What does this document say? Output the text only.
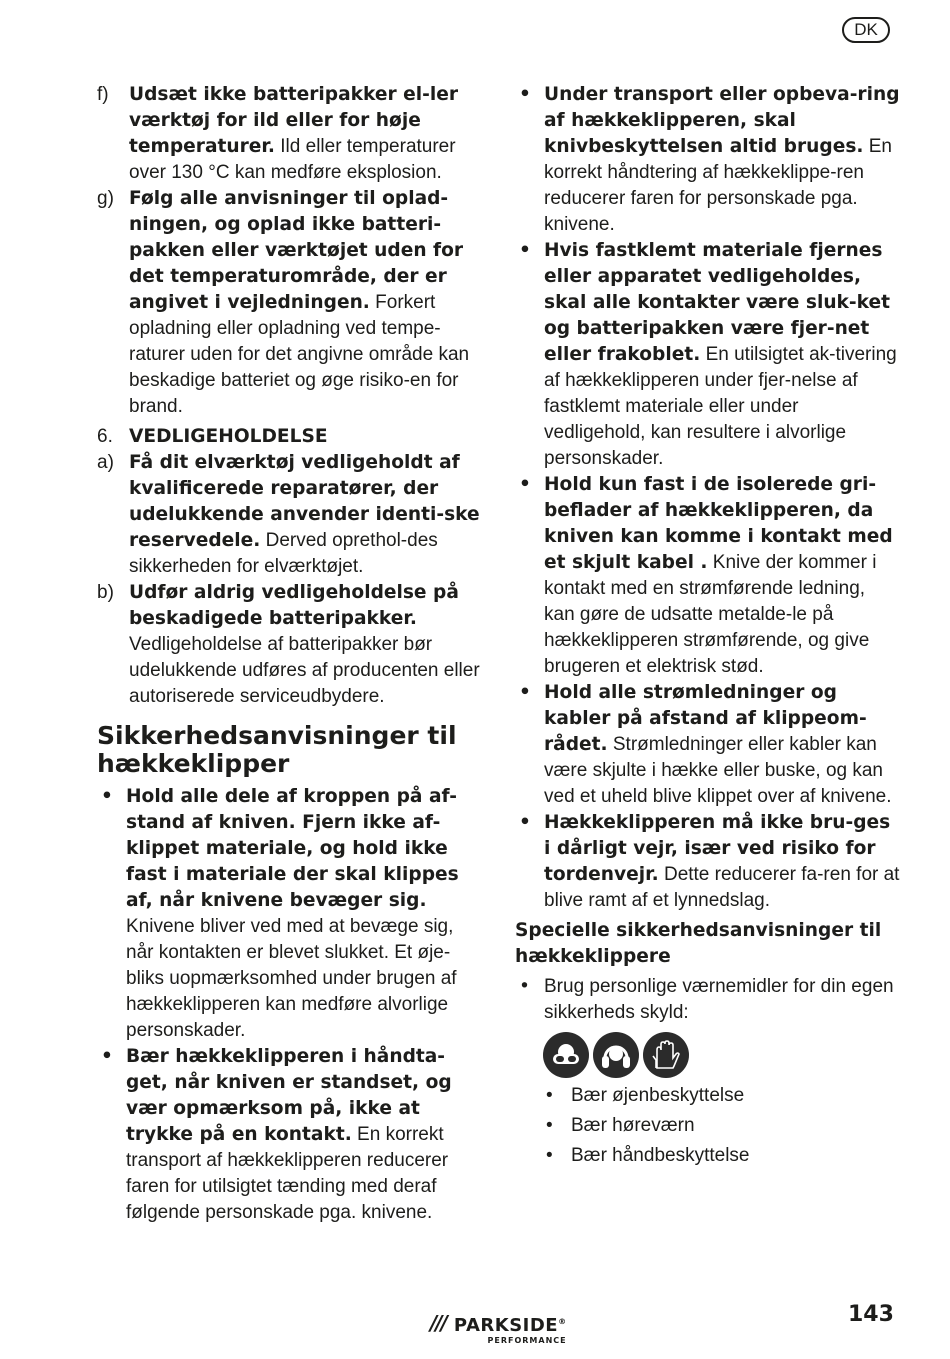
DK

f) Udsæt ikke batteripakker el-ler værktøj for ild eller for høje temperaturer. Ild eller temperaturer over 130 °C kan medføre eksplosion.

g) Følg alle anvisninger til oplad-ningen, og oplad ikke batteri-pakken eller værktøjet uden for det temperaturområde, der er angivet i vejledningen. Forkert opladning eller opladning ved tempe-raturer uden for det angivne område kan beskadige batteriet og øge risiko-en for brand.

6. VEDLIGEHOLDELSE

a) Få dit elværktøj vedligeholdt af kvalificerede reparatører, der udelukkende anvender identi-ske reservedele. Derved oprethol-des sikkerheden for elværktøjet.

b) Udfør aldrig vedligeholdelse på beskadigede batteripakker. Vedligeholdelse af batteripakker bør udelukkende udføres af producenten eller autoriserede serviceudbydere.

Sikkerhedsanvisninger til hækkeklipper

• Hold alle dele af kroppen på af-stand af kniven. Fjern ikke af-klippet materiale, og hold ikke fast i materiale der skal klippes af, når knivene bevæger sig. Knivene bliver ved med at bevæge sig, når kontakten er blevet slukket. Et øje-bliks uopmærksomhed under brugen af hækkeklipperen kan medføre alvorlige personskader.

• Bær hækkeklipperen i håndta-get, når kniven er standset, og vær opmærksom på, ikke at trykke på en kontakt. En korrekt transport af hækkeklipperen reducerer faren for utilsigtet tænding med deraf følgende personskade pga. knivene.

• Under transport eller opbeva-ring af hækkeklipperen, skal knivbeskyttelsen altid bruges. En korrekt håndtering af hækkeklippe-ren reducerer faren for personskade pga. knivene.

• Hvis fastklemt materiale fjernes eller apparatet vedligeholdes, skal alle kontakter være sluk-ket og batteripakken være fjer-net eller frakoblet. En utilsigtet ak-tivering af hækkeklipperen under fjer-nelse af fastklemt materiale eller under vedligehold, kan resultere i alvorlige personskader.

• Hold kun fast i de isolerede gri-beflader af hækkeklipperen, da kniven kan komme i kontakt med et skjult kabel . Knive der kommer i kontakt med en strømførende ledning, kan gøre de udsatte metalde-le på hækkeklipperen strømførende, og give brugeren et elektrisk stød.

• Hold alle strømledninger og kabler på afstand af klippeom-rådet. Strømledninger eller kabler kan være skjulte i hække eller buske, og kan ved et uheld blive klippet over af knivene.

• Hækkeklipperen må ikke bru-ges i dårligt vejr, især ved risiko for tordenvejr. Dette reducerer fa-ren for at blive ramt af et lynnedslag.

Specielle sikkerhedsanvisninger til hækkeklippere

• Brug personlige værnemidler for din egen sikkerheds skyld:

• Bær øjenbeskyttelse

• Bær høreværn

• Bær håndbeskyttelse

/// PARKSIDE®
PERFORMANCE
143
